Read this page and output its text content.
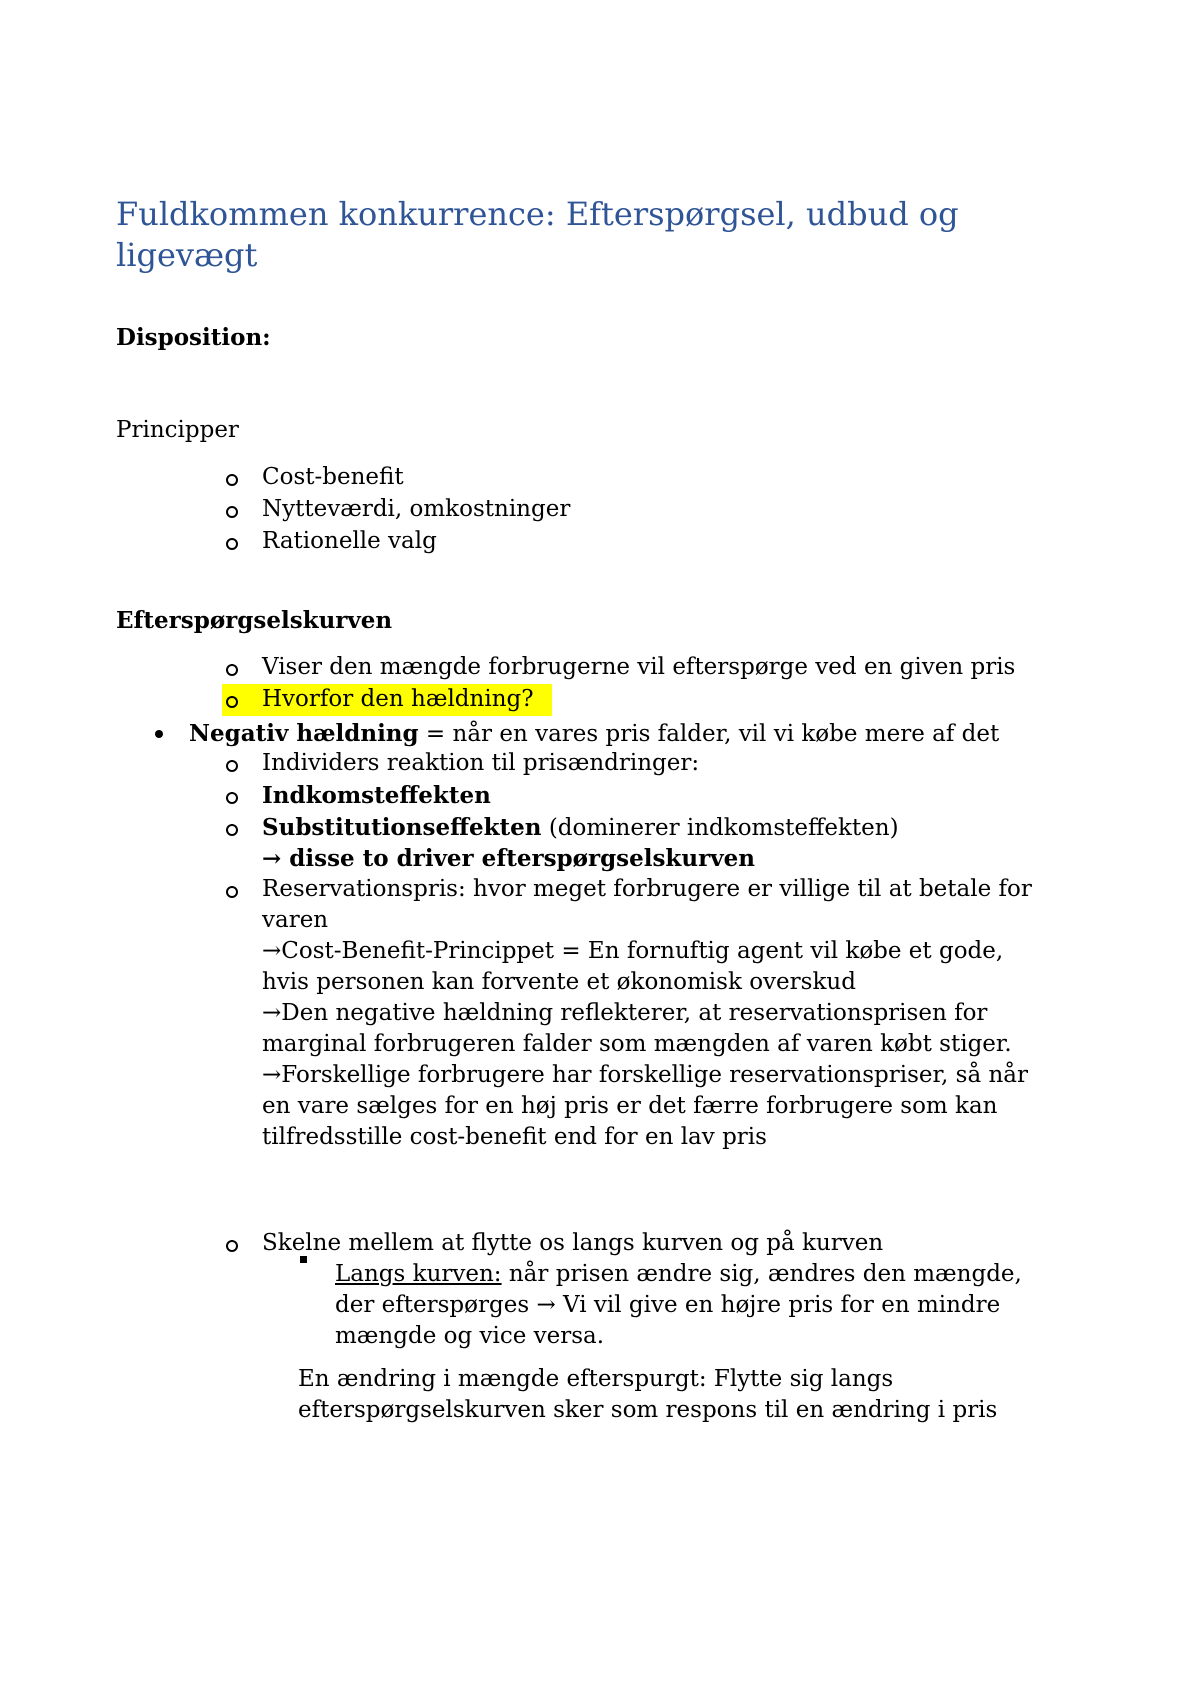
Fuldkommen konkurrence: Efterspørgsel, udbud og
ligevægt
Disposition:
Principper
Cost-benefit
Nytteværdi, omkostninger
Rationelle valg
Efterspørgselskurven
Viser den mængde forbrugerne vil efterspørge ved en given pris
Hvorfor den hældning?
Negativ hældning = når en vares pris falder, vil vi købe mere af det
Individers reaktion til prisændringer:
Indkomsteffekten
Substitutionseffekten (dominerer indkomsteffekten)
→ disse to driver efterspørgselskurven
Reservationspris: hvor meget forbrugere er villige til at betale for
varen
→Cost-Benefit-Princippet = En fornuftig agent vil købe et gode,
hvis personen kan forvente et økonomisk overskud
→Den negative hældning reflekterer, at reservationsprisen for
marginal forbrugeren falder som mængden af varen købt stiger.
→Forskellige forbrugere har forskellige reservationspriser, så når
en vare sælges for en høj pris er det færre forbrugere som kan
tilfredsstille cost-benefit end for en lav pris
Skelne mellem at flytte os langs kurven og på kurven
Langs kurven: når prisen ændre sig, ændres den mængde,
der efterspørges → Vi vil give en højre pris for en mindre
mængde og vice versa.
En ændring i mængde efterspurgt: Flytte sig langs
efterspørgselskurven sker som respons til en ændring i pris
